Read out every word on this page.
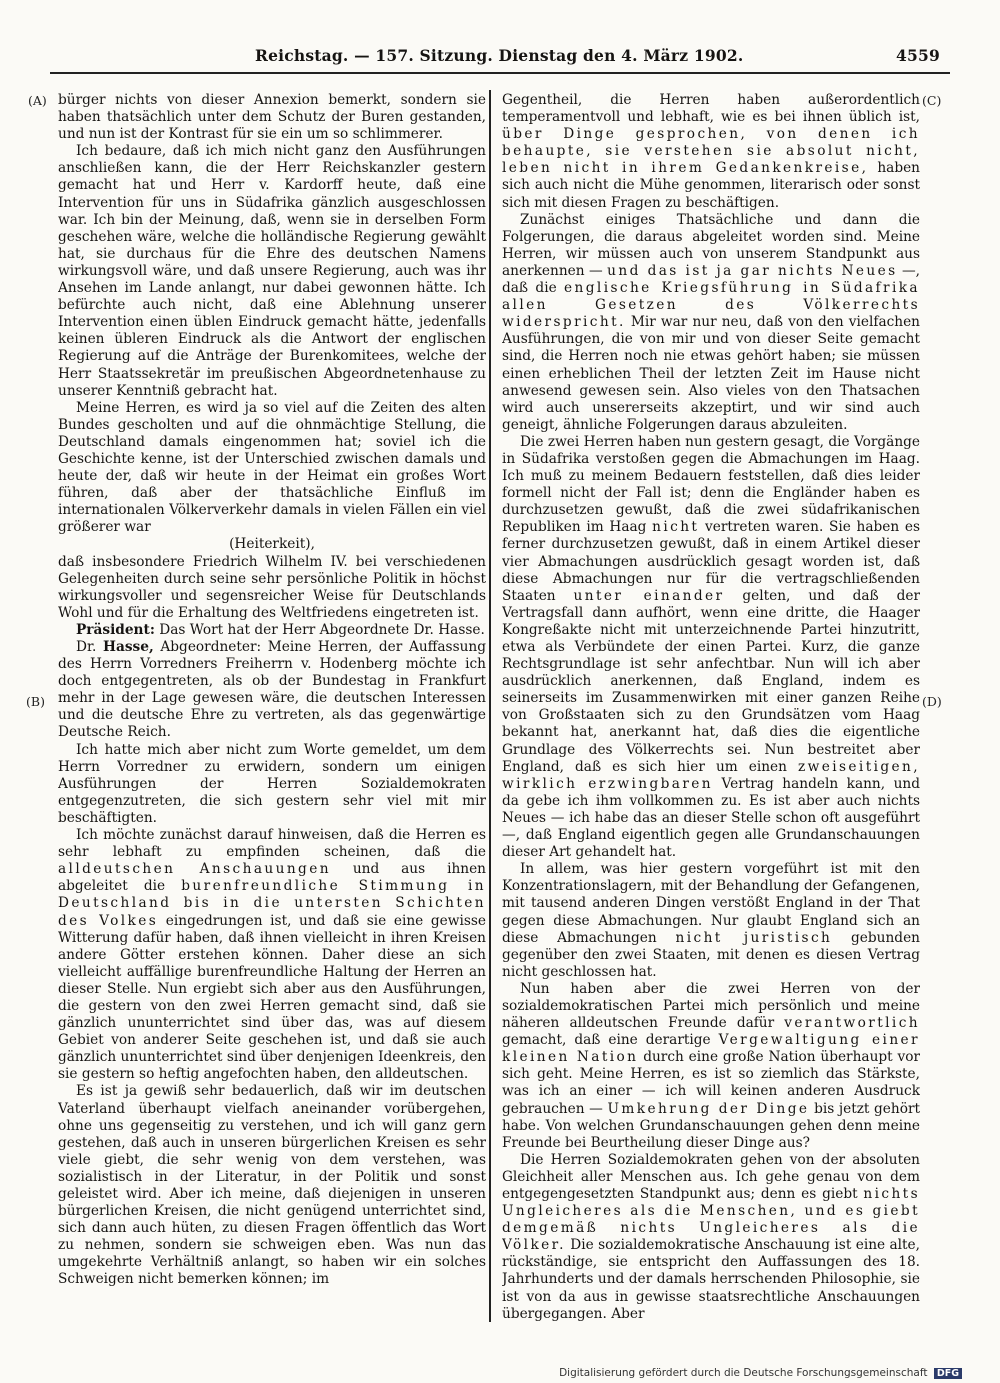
Reichstag. — 157. Sitzung. Dienstag den 4. März 1902.	4559
(A)
(B)
(C)
(D)

bürger nichts von dieser Annexion bemerkt, sondern sie haben thatsächlich unter dem Schutz der Buren gestanden, und nun ist der Kontrast für sie ein um so schlimmerer.

Ich bedaure, daß ich mich nicht ganz den Ausführungen anschließen kann, die der Herr Reichskanzler gestern gemacht hat und Herr v. Kardorff heute, daß eine Intervention für uns in Südafrika gänzlich ausgeschlossen war. Ich bin der Meinung, daß, wenn sie in derselben Form geschehen wäre, welche die holländische Regierung gewählt hat, sie durchaus für die Ehre des deutschen Namens wirkungsvoll wäre, und daß unsere Regierung, auch was ihr Ansehen im Lande anlangt, nur dabei gewonnen hätte. Ich befürchte auch nicht, daß eine Ablehnung unserer Intervention einen üblen Eindruck gemacht hätte, jedenfalls keinen übleren Eindruck als die Antwort der englischen Regierung auf die Anträge der Burenkomitees, welche der Herr Staatssekretär im preußischen Abgeordnetenhause zu unserer Kenntniß gebracht hat.

Meine Herren, es wird ja so viel auf die Zeiten des alten Bundes gescholten und auf die ohnmächtige Stellung, die Deutschland damals eingenommen hat; soviel ich die Geschichte kenne, ist der Unterschied zwischen damals und heute der, daß wir heute in der Heimat ein großes Wort führen, daß aber der thatsächliche Einfluß im internationalen Völkerverkehr damals in vielen Fällen ein viel größerer war

(Heiterkeit),

daß insbesondere Friedrich Wilhelm IV. bei verschiedenen Gelegenheiten durch seine sehr persönliche Politik in höchst wirkungsvoller und segensreicher Weise für Deutschlands Wohl und für die Erhaltung des Weltfriedens eingetreten ist.

Präsident: Das Wort hat der Herr Abgeordnete Dr. Hasse.

Dr. Hasse, Abgeordneter: Meine Herren, der Auffassung des Herrn Vorredners Freiherrn v. Hodenberg möchte ich doch entgegentreten, als ob der Bundestag in Frankfurt mehr in der Lage gewesen wäre, die deutschen Interessen und die deutsche Ehre zu vertreten, als das gegenwärtige Deutsche Reich.

Ich hatte mich aber nicht zum Worte gemeldet, um dem Herrn Vorredner zu erwidern, sondern um einigen Ausführungen der Herren Sozialdemokraten entgegenzutreten, die sich gestern sehr viel mit mir beschäftigten.

Ich möchte zunächst darauf hinweisen, daß die Herren es sehr lebhaft zu empfinden scheinen, daß die alldeutschen Anschauungen und aus ihnen abgeleitet die burenfreundliche Stimmung in Deutschland bis in die untersten Schichten des Volkes eingedrungen ist, und daß sie eine gewisse Witterung dafür haben, daß ihnen vielleicht in ihren Kreisen andere Götter erstehen können. Daher diese an sich vielleicht auffällige burenfreundliche Haltung der Herren an dieser Stelle. Nun ergiebt sich aber aus den Ausführungen, die gestern von den zwei Herren gemacht sind, daß sie gänzlich ununterrichtet sind über das, was auf diesem Gebiet von anderer Seite geschehen ist, und daß sie auch gänzlich ununterrichtet sind über denjenigen Ideenkreis, den sie gestern so heftig angefochten haben, den alldeutschen.

Es ist ja gewiß sehr bedauerlich, daß wir im deutschen Vaterland überhaupt vielfach aneinander vorübergehen, ohne uns gegenseitig zu verstehen, und ich will ganz gern gestehen, daß auch in unseren bürgerlichen Kreisen es sehr viele giebt, die sehr wenig von dem verstehen, was sozialistisch in der Literatur, in der Politik und sonst geleistet wird. Aber ich meine, daß diejenigen in unseren bürgerlichen Kreisen, die nicht genügend unterrichtet sind, sich dann auch hüten, zu diesen Fragen öffentlich das Wort zu nehmen, sondern sie schweigen eben. Was nun das umgekehrte Verhältniß anlangt, so haben wir ein solches Schweigen nicht bemerken können; im

Gegentheil, die Herren haben außerordentlich temperamentvoll und lebhaft, wie es bei ihnen üblich ist, über Dinge gesprochen, von denen ich behaupte, sie verstehen sie absolut nicht, leben nicht in ihrem Gedankenkreise, haben sich auch nicht die Mühe genommen, literarisch oder sonst sich mit diesen Fragen zu beschäftigen.

Zunächst einiges Thatsächliche und dann die Folgerungen, die daraus abgeleitet worden sind. Meine Herren, wir müssen auch von unserem Standpunkt aus anerkennen — und das ist ja gar nichts Neues —, daß die englische Kriegsführung in Südafrika allen Gesetzen des Völkerrechts widerspricht. Mir war nur neu, daß von den vielfachen Ausführungen, die von mir und von dieser Seite gemacht sind, die Herren noch nie etwas gehört haben; sie müssen einen erheblichen Theil der letzten Zeit im Hause nicht anwesend gewesen sein. Also vieles von den Thatsachen wird auch unsererseits akzeptirt, und wir sind auch geneigt, ähnliche Folgerungen daraus abzuleiten.

Die zwei Herren haben nun gestern gesagt, die Vorgänge in Südafrika verstoßen gegen die Abmachungen im Haag. Ich muß zu meinem Bedauern feststellen, daß dies leider formell nicht der Fall ist; denn die Engländer haben es durchzusetzen gewußt, daß die zwei südafrikanischen Republiken im Haag nicht vertreten waren. Sie haben es ferner durchzusetzen gewußt, daß in einem Artikel dieser vier Abmachungen ausdrücklich gesagt worden ist, daß diese Abmachungen nur für die vertragschließenden Staaten unter einander gelten, und daß der Vertragsfall dann aufhört, wenn eine dritte, die Haager Kongreßakte nicht mit unterzeichnende Partei hinzutritt, etwa als Verbündete der einen Partei. Kurz, die ganze Rechtsgrundlage ist sehr anfechtbar. Nun will ich aber ausdrücklich anerkennen, daß England, indem es seinerseits im Zusammenwirken mit einer ganzen Reihe von Großstaaten sich zu den Grundsätzen vom Haag bekannt hat, anerkannt hat, daß dies die eigentliche Grundlage des Völkerrechts sei. Nun bestreitet aber England, daß es sich hier um einen zweiseitigen, wirklich erzwingbaren Vertrag handeln kann, und da gebe ich ihm vollkommen zu. Es ist aber auch nichts Neues — ich habe das an dieser Stelle schon oft ausgeführt —, daß England eigentlich gegen alle Grundanschauungen dieser Art gehandelt hat.

In allem, was hier gestern vorgeführt ist mit den Konzentrationslagern, mit der Behandlung der Gefangenen, mit tausend anderen Dingen verstößt England in der That gegen diese Abmachungen. Nur glaubt England sich an diese Abmachungen nicht juristisch gebunden gegenüber den zwei Staaten, mit denen es diesen Vertrag nicht geschlossen hat.

Nun haben aber die zwei Herren von der sozialdemokratischen Partei mich persönlich und meine näheren alldeutschen Freunde dafür verantwortlich gemacht, daß eine derartige Vergewaltigung einer kleinen Nation durch eine große Nation überhaupt vor sich geht. Meine Herren, es ist so ziemlich das Stärkste, was ich an einer — ich will keinen anderen Ausdruck gebrauchen — Umkehrung der Dinge bis jetzt gehört habe. Von welchen Grundanschauungen gehen denn meine Freunde bei Beurtheilung dieser Dinge aus?

Die Herren Sozialdemokraten gehen von der absoluten Gleichheit aller Menschen aus. Ich gehe genau von dem entgegengesetzten Standpunkt aus; denn es giebt nichts Ungleicheres als die Menschen, und es giebt demgemäß nichts Ungleicheres als die Völker. Die sozialdemokratische Anschauung ist eine alte, rückständige, sie entspricht den Auffassungen des 18. Jahrhunderts und der damals herrschenden Philosophie, sie ist von da aus in gewisse staatsrechtliche Anschauungen übergegangen. Aber

Digitalisierung gefördert durch die Deutsche Forschungsgemeinschaft DFG
